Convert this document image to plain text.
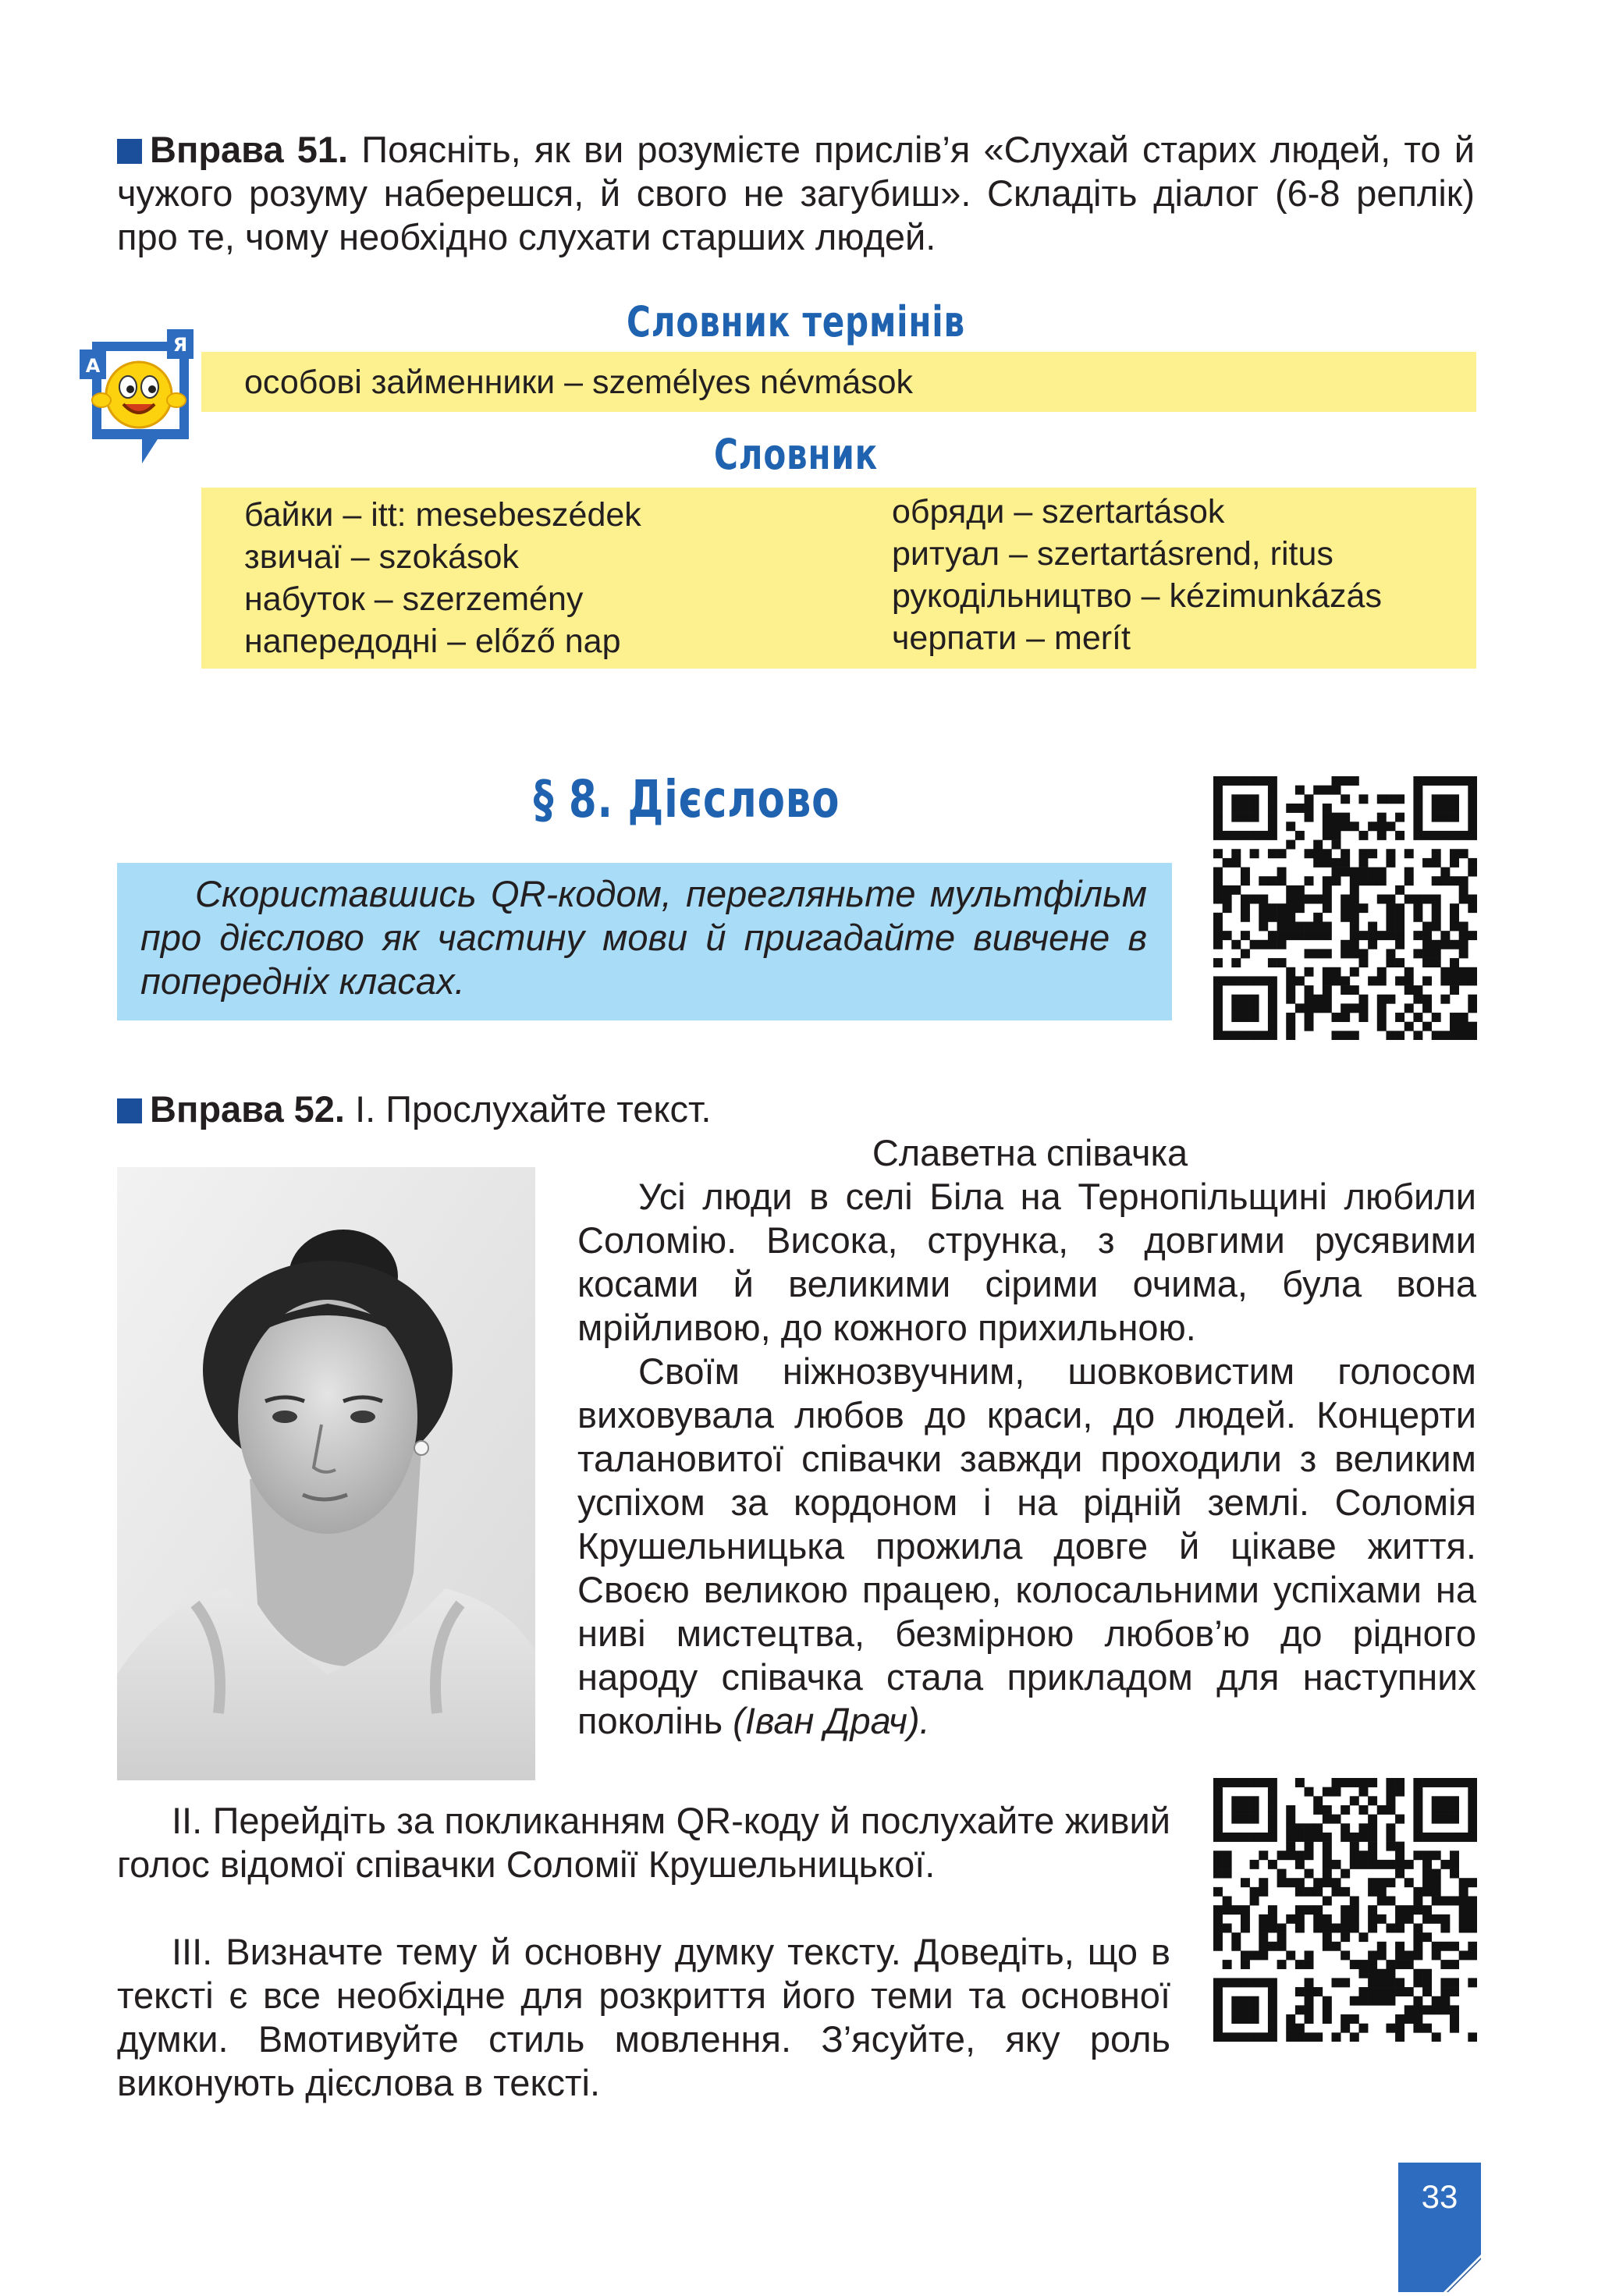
Вправа 51. Поясніть, як ви розумієте прислів’я «Слухай старих людей, то й чужого розуму наберешся, й свого не загубиш». Складіть діалог (6-8 реплік) про те, чому необхідно слухати старших людей.

А
Я	Словник термінів
особові займенники – személyes névmások
Словник
байки – itt: mesebeszédek
звичаї – szokások
набуток – szerzemény
напередодні – előző nap
обряди – szertartások
ритуал – szertartásrend, ritus
рукодільництво – kézimunkázás
черпати – merít
§ 8. Дієслово

Скориставшись QR-кодом, перегляньте мультфільм про дієслово як частину мови й пригадайте вивчене в попередніх класах.

Вправа 52. І. Прослухайте текст.

Славетна співачка

Усі люди в селі Біла на Тернопільщині любили Соломію. Висока, струнка, з довгими русявими косами й великими сірими очима, була вона мрійливою, до кожного прихильною.

Своїм ніжнозвучним, шовковистим голосом виховувала любов до краси, до людей. Концерти талановитої співачки завжди проходили з великим успіхом за кордоном і на рідній землі. Соломія Крушельницька прожила довге й цікаве життя. Своєю великою працею, колосальними успіхами на ниві мистецтва, безмірною любов’ю до рідного народу співачка стала прикладом для наступних поколінь (Іван Драч).

ІІ. Перейдіть за покликанням QR-коду й послухайте живий голос відомої співачки Соломії Крушельницької.

ІІІ. Визначте тему й основну думку тексту. Доведіть, що в тексті є все необхідне для розкриття його теми та основної думки. Вмотивуйте стиль мовлення. З’ясуйте, яку роль виконують дієслова в тексті.

33
